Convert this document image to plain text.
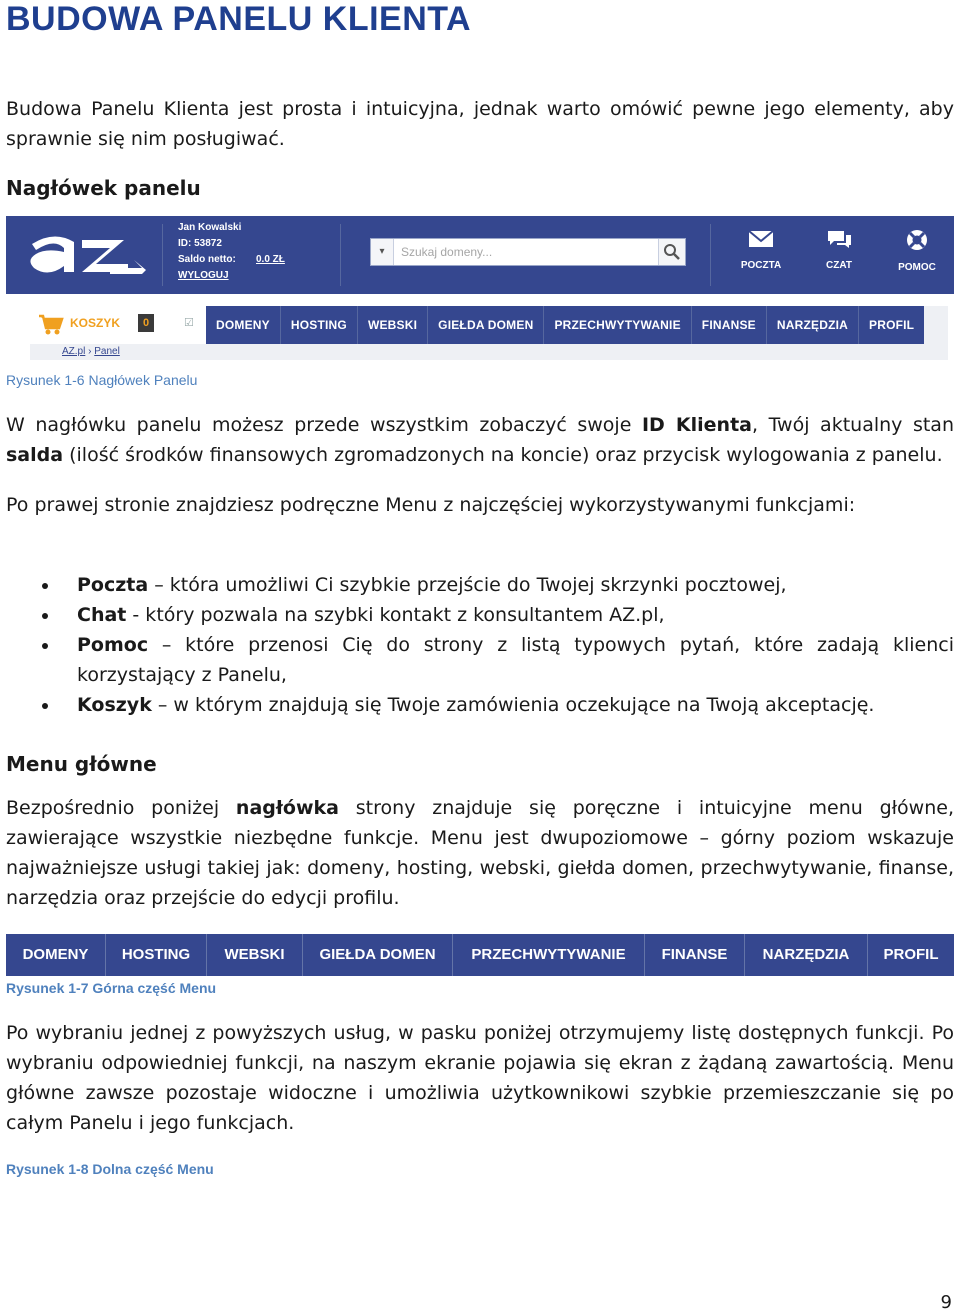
BUDOWA PANELU KLIENTA

Budowa Panelu Klienta jest prosta i intuicyjna, jednak warto omówić pewne jego elementy, aby sprawnie się nim posługiwać.

Nagłówek panelu

Jan Kowalski
ID: 53872
Saldo netto: 0.0 ZŁ
WYLOGUJ
▾	Szukaj domeny...
POCZTA	CZAT	POMOC
KOSZYK	0	☑	DOMENY	HOSTING	WEBSKI	GIEŁDA DOMEN	PRZECHWYTYWANIE	FINANSE	NARZĘDZIA	PROFIL
AZ.pl › Panel

Rysunek 1-6 Nagłówek Panelu

W nagłówku panelu możesz przede wszystkim zobaczyć swoje ID Klienta, Twój aktualny stan salda (ilość środków finansowych zgromadzonych na koncie) oraz przycisk wylogowania z panelu.

Po prawej stronie znajdziesz podręczne Menu z najczęściej wykorzystywanymi funkcjami:

Poczta – która umożliwi Ci szybkie przejście do Twojej skrzynki pocztowej,
Chat - który pozwala na szybki kontakt z konsultantem AZ.pl,
Pomoc – które przenosi Cię do strony z listą typowych pytań, które zadają klienci korzystający z Panelu,
Koszyk – w którym znajdują się Twoje zamówienia oczekujące na Twoją akceptację.

Menu główne

Bezpośrednio poniżej nagłówka strony znajduje się poręczne i intuicyjne menu główne, zawierające wszystkie niezbędne funkcje. Menu jest dwupoziomowe – górny poziom wskazuje najważniejsze usługi takiej jak: domeny, hosting, webski, giełda domen, przechwytywanie, finanse, narzędzia oraz przejście do edycji profilu.

DOMENY	HOSTING	WEBSKI	GIEŁDA DOMEN	PRZECHWYTYWANIE	FINANSE	NARZĘDZIA	PROFIL

Rysunek 1-7 Górna część Menu

Po wybraniu jednej z powyższych usług, w pasku poniżej otrzymujemy listę dostępnych funkcji. Po wybraniu odpowiedniej funkcji, na naszym ekranie pojawia się ekran z żądaną zawartością. Menu główne zawsze pozostaje widoczne i umożliwia użytkownikowi szybkie przemieszczanie się po całym Panelu i jego funkcjach.

Rysunek 1-8 Dolna część Menu

9
